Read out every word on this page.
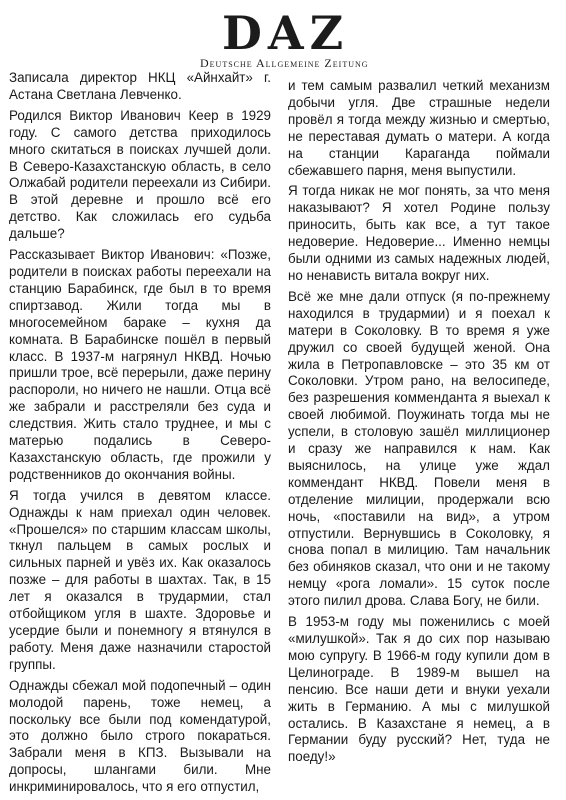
DAZ
Deutsche Allgemeine Zeitung

Записала директор НКЦ «Айнхайт» г. Астана Светлана Левченко.

Родился Виктор Иванович Кеер в 1929 году. С самого детства приходилось много скитаться в поисках лучшей доли. В Северо-Казахстанскую область, в село Олжабай родители переехали из Сибири. В этой деревне и прошло всё его детство. Как сложилась его судьба дальше?

Рассказывает Виктор Иванович: «Позже, родители в поисках работы переехали на станцию Барабинск, где был в то время спиртзавод. Жили тогда мы в многосемейном бараке – кухня да комната. В Барабинске пошёл в первый класс. В 1937-м нагрянул НКВД. Ночью пришли трое, всё перерыли, даже перину распороли, но ничего не нашли. Отца всё же забрали и расстреляли без суда и следствия. Жить стало труднее, и мы с матерью подались в Северо-Казахстанскую область, где прожили у родственников до окончания войны.

Я тогда учился в девятом классе. Однажды к нам приехал один человек. «Прошелся» по старшим классам школы, ткнул пальцем в самых рослых и сильных парней и увёз их. Как оказалось позже – для работы в шахтах. Так, в 15 лет я оказался в трудармии, стал отбойщиком угля в шахте. Здоровье и усердие были и понемногу я втянулся в работу. Меня даже назначили старостой группы.

Однажды сбежал мой подопечный – один молодой парень, тоже немец, а поскольку все были под комендатурой, это должно было строго покараться. Забрали меня в КПЗ. Вызывали на допросы, шлангами били. Мне инкриминировалось, что я его отпустил,

и тем самым развалил четкий механизм добычи угля. Две страшные недели провёл я тогда между жизнью и смертью, не переставая думать о матери. А когда на станции Караганда поймали сбежавшего парня, меня выпустили.

Я тогда никак не мог понять, за что меня наказывают? Я хотел Родине пользу приносить, быть как все, а тут такое недоверие. Недоверие... Именно немцы были одними из самых надежных людей, но ненависть витала вокруг них.

Всё же мне дали отпуск (я по-прежнему находился в трудармии) и я поехал к матери в Соколовку. В то время я уже дружил со своей будущей женой. Она жила в Петропавловске – это 35 км от Соколовки. Утром рано, на велосипеде, без разрешения комменданта я выехал к своей любимой. Поужинать тогда мы не успели, в столовую зашёл миллиционер и сразу же направился к нам. Как выяснилось, на улице уже ждал коммендант НКВД. Повели меня в отделение милиции, продержали всю ночь, «поставили на вид», а утром отпустили. Вернувшись в Соколовку, я снова попал в милицию. Там начальник без обиняков сказал, что они и не такому немцу «рога ломали». 15 суток после этого пилил дрова. Слава Богу, не били.

В 1953-м году мы поженились с моей «милушкой». Так я до сих пор называю мою супругу. В 1966-м году купили дом в Целинограде. В 1989-м вышел на пенсию. Все наши дети и внуки уехали жить в Германию. А мы с милушкой остались. В Казахстане я немец, а в Германии буду русский? Нет, туда не поеду!»
